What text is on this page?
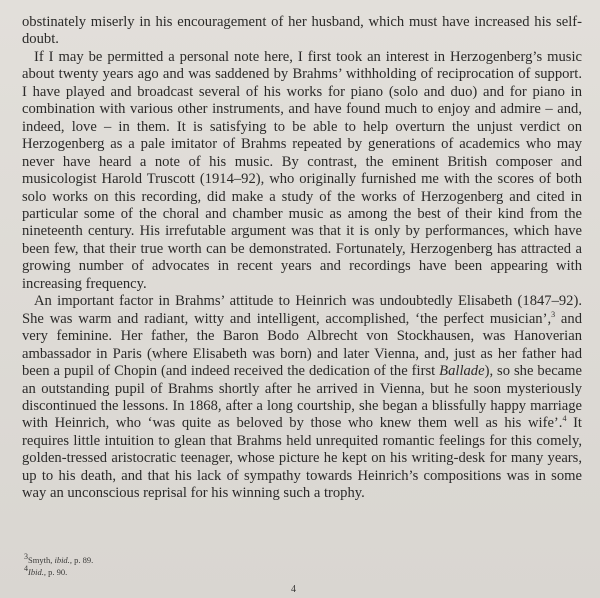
obstinately miserly in his encouragement of her husband, which must have increased his self-doubt.

If I may be permitted a personal note here, I first took an interest in Herzogenberg’s music about twenty years ago and was saddened by Brahms’ withholding of reciprocation of support. I have played and broadcast several of his works for piano (solo and duo) and for piano in combination with various other instruments, and have found much to enjoy and admire – and, indeed, love – in them. It is satisfying to be able to help overturn the unjust verdict on Herzogenberg as a pale imitator of Brahms repeated by generations of academics who may never have heard a note of his music. By contrast, the eminent British composer and musicologist Harold Truscott (1914–92), who originally furnished me with the scores of both solo works on this recording, did make a study of the works of Herzogenberg and cited in particular some of the choral and chamber music as among the best of their kind from the nineteenth century. His irrefutable argument was that it is only by performances, which have been few, that their true worth can be demonstrated. Fortunately, Herzogenberg has attracted a growing number of advocates in recent years and recordings have been appearing with increasing frequency.

An important factor in Brahms’ attitude to Heinrich was undoubtedly Elisabeth (1847–92). She was warm and radiant, witty and intelligent, accomplished, ‘the perfect musician’,$^3$ and very feminine. Her father, the Baron Bodo Albrecht von Stockhausen, was Hanoverian ambassador in Paris (where Elisabeth was born) and later Vienna, and, just as her father had been a pupil of Chopin (and indeed received the dedication of the first Ballade), so she became an outstanding pupil of Brahms shortly after he arrived in Vienna, but he soon mysteriously discontinued the lessons. In 1868, after a long courtship, she began a blissfully happy marriage with Heinrich, who ‘was quite as beloved by those who knew them well as his wife’.$^4$ It requires little intuition to glean that Brahms held unrequited romantic feelings for this comely, golden-tressed aristocratic teenager, whose picture he kept on his writing-desk for many years, up to his death, and that his lack of sympathy towards Heinrich’s compositions was in some way an unconscious reprisal for his winning such a trophy.

3Smyth, ibid., p. 89.
4Ibid., p. 90.
4
